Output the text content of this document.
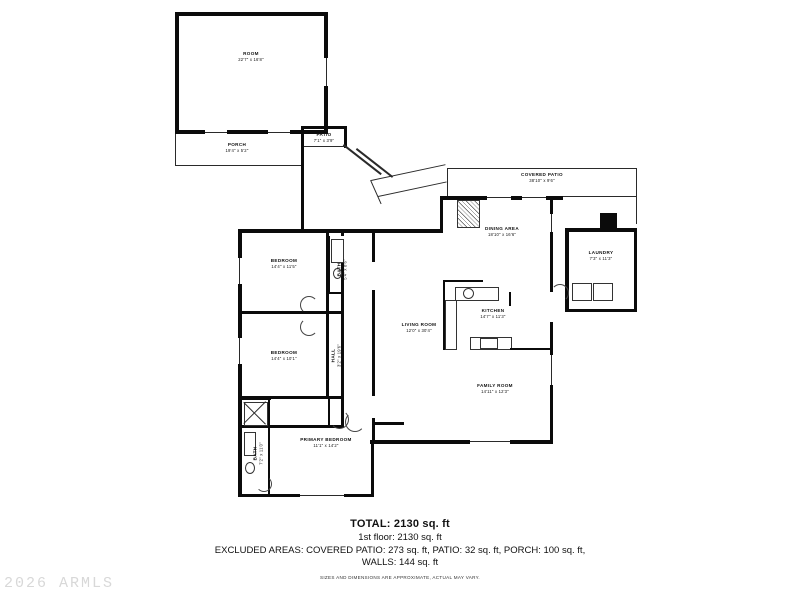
ROOM
22'7" x 16'8"
PORCH
19'4" x 5'2"
PATIO
7'1" x 3'9"
COVERED PATIO
38'10" x 9'6"
LAUNDRY
7'3" x 11'3"
DINING AREA
18'10" x 16'6"
KITCHEN
14'7" x 11'3"
LIVING ROOM
12'0" x 30'4"
FAMILY ROOM
14'11" x 12'3"
BEDROOM
14'4" x 11'5"
BEDROOM
14'4" x 10'1"	HALL 3'2" x 19'6"
BATH 5'4" x 8'6"
PRIMARY BEDROOM
11'1" x 14'2"
BATH 7'2" x 11'0"
TOTAL: 2130 sq. ft
1st floor: 2130 sq. ft
EXCLUDED AREAS: COVERED PATIO: 273 sq. ft, PATIO: 32 sq. ft, PORCH: 100 sq. ft,
WALLS: 144 sq. ft
SIZES AND DIMENSIONS ARE APPROXIMATE, ACTUAL MAY VARY.
2026 ARMLS
